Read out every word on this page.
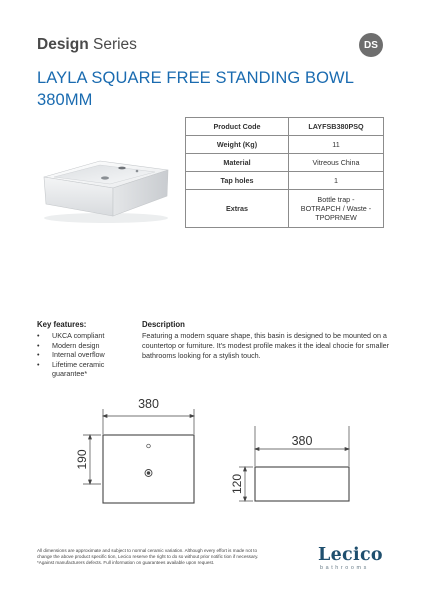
Design Series	DS
LAYLA SQUARE FREE STANDING BOWL
380MM
Product Code	LAYFSB380PSQ
Weight (Kg)	11
Material	Vitreous China
Tap holes	1
Extras	Bottle trap -
BOTRAPCH / Waste -
TPOPRNEW
Key features:
• UKCA compliant
• Modern design
• Internal overflow
• Lifetime ceramic guarantee*
Description
Featuring a modern square shape, this basin is designed to be mounted on a countertop or furniture. It's modest profile makes it the ideal chocie for smaller bathrooms looking for a stylish touch.
380
190
380
120
All dimensions are approximate and subject to normal ceramic variation. Although every effort is made not to
change the above product specific tion, Lecico reserve the right to do so without prior notific tion if necessary.
*Against manufacturers defects. Full information on guarantees available upon request.	Lecico
bathrooms
